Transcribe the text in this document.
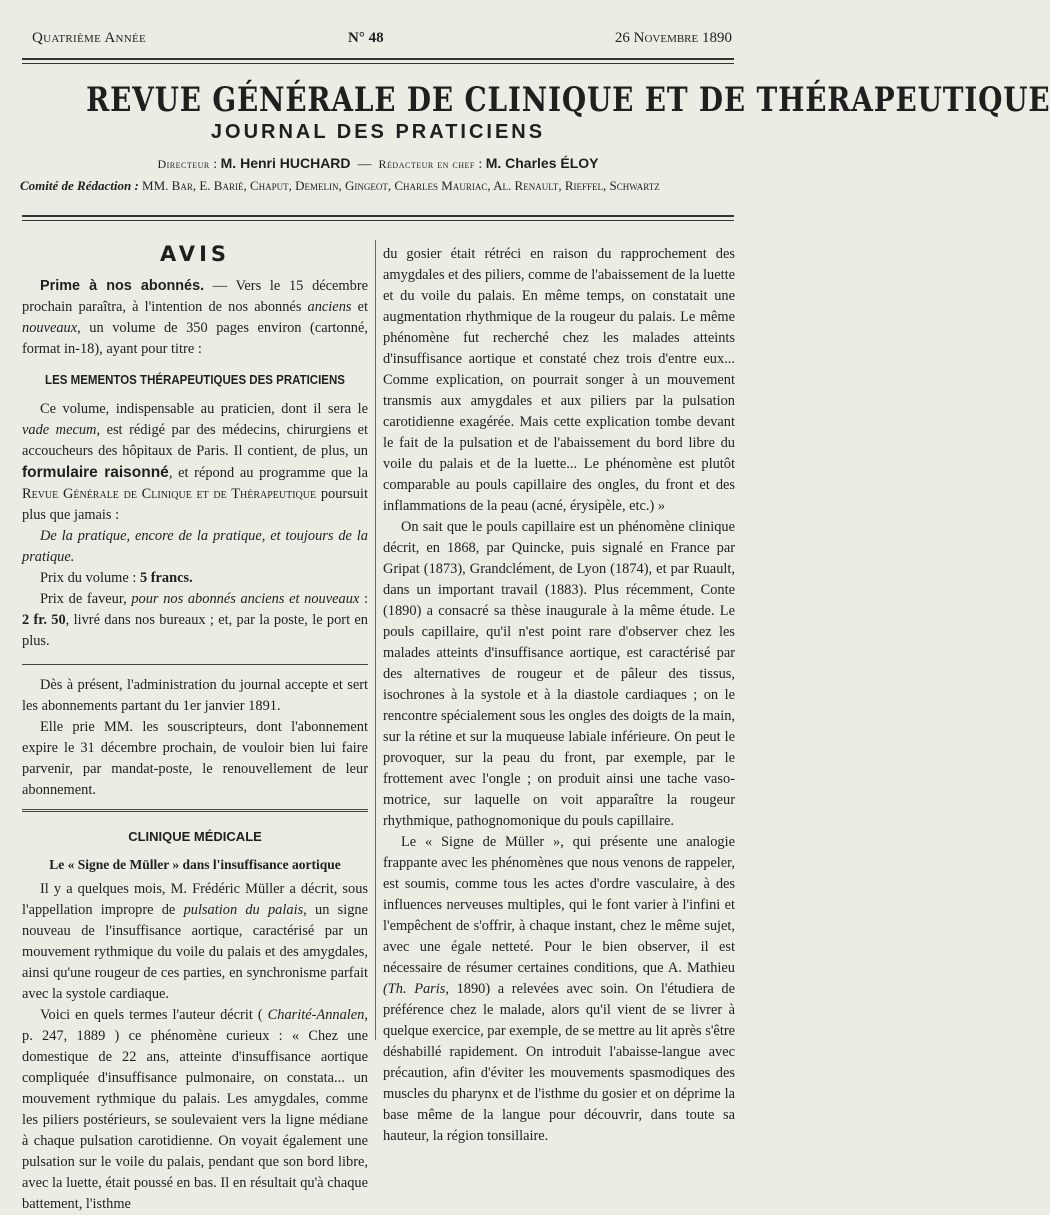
Quatrième Année	N° 48	26 Novembre 1890
REVUE GÉNÉRALE DE CLINIQUE ET DE THÉRAPEUTIQUE
JOURNAL DES PRATICIENS
Directeur : M. Henri HUCHARD  —  Rédacteur en chef : M. Charles ÉLOY
Comité de Rédaction : MM. Bar, E. Barié, Chaput, Demelin, Gingeot, Charles Mauriac, Al. Renault, Rieffel, Schwartz
AVIS

Prime à nos abonnés. — Vers le 15 décembre prochain paraîtra, à l'intention de nos abonnés anciens et nouveaux, un volume de 350 pages environ (cartonné, format in-18), ayant pour titre :

LES MEMENTOS THÉRAPEUTIQUES DES PRATICIENS

Ce volume, indispensable au praticien, dont il sera le vade mecum, est rédigé par des médecins, chirurgiens et accoucheurs des hôpitaux de Paris. Il contient, de plus, un formulaire raisonné, et répond au programme que la Revue Générale de Clinique et de Thérapeutique poursuit plus que jamais :

De la pratique, encore de la pratique, et toujours de la pratique.

Prix du volume : 5 francs.

Prix de faveur, pour nos abonnés anciens et nouveaux : 2 fr. 50, livré dans nos bureaux ; et, par la poste, le port en plus.

Dès à présent, l'administration du journal accepte et sert les abonnements partant du 1er janvier 1891.

Elle prie MM. les souscripteurs, dont l'abonnement expire le 31 décembre prochain, de vouloir bien lui faire parvenir, par mandat-poste, le renouvellement de leur abonnement.

CLINIQUE MÉDICALE
Le « Signe de Müller » dans l'insuffisance aortique

Il y a quelques mois, M. Frédéric Müller a décrit, sous l'appellation impropre de pulsation du palais, un signe nouveau de l'insuffisance aortique, caractérisé par un mouvement rythmique du voile du palais et des amygdales, ainsi qu'une rougeur de ces parties, en synchronisme parfait avec la systole cardiaque.

Voici en quels termes l'auteur décrit ( Charité-Annalen, p. 247, 1889 ) ce phénomène curieux : « Chez une domestique de 22 ans, atteinte d'insuffisance aortique compliquée d'insuffisance pulmonaire, on constata... un mouvement rythmique du palais. Les amygdales, comme les piliers postérieurs, se soulevaient vers la ligne médiane à chaque pulsation carotidienne. On voyait également une pulsation sur le voile du palais, pendant que son bord libre, avec la luette, était poussé en bas. Il en résultait qu'à chaque battement, l'isthme

du gosier était rétréci en raison du rapprochement des amygdales et des piliers, comme de l'abaissement de la luette et du voile du palais. En même temps, on constatait une augmentation rhythmique de la rougeur du palais. Le même phénomène fut recherché chez les malades atteints d'insuffisance aortique et constaté chez trois d'entre eux... Comme explication, on pourrait songer à un mouvement transmis aux amygdales et aux piliers par la pulsation carotidienne exagérée. Mais cette explication tombe devant le fait de la pulsation et de l'abaissement du bord libre du voile du palais et de la luette... Le phénomène est plutôt comparable au pouls capillaire des ongles, du front et des inflammations de la peau (acné, érysipèle, etc.) »

On sait que le pouls capillaire est un phénomène clinique décrit, en 1868, par Quincke, puis signalé en France par Gripat (1873), Grandclément, de Lyon (1874), et par Ruault, dans un important travail (1883). Plus récemment, Conte (1890) a consacré sa thèse inaugurale à la même étude. Le pouls capillaire, qu'il n'est point rare d'observer chez les malades atteints d'insuffisance aortique, est caractérisé par des alternatives de rougeur et de pâleur des tissus, isochrones à la systole et à la diastole cardiaques ; on le rencontre spécialement sous les ongles des doigts de la main, sur la rétine et sur la muqueuse labiale inférieure. On peut le provoquer, sur la peau du front, par exemple, par le frottement avec l'ongle ; on produit ainsi une tache vaso-motrice, sur laquelle on voit apparaître la rougeur rhythmique, pathognomonique du pouls capillaire.

Le « Signe de Müller », qui présente une analogie frappante avec les phénomènes que nous venons de rappeler, est soumis, comme tous les actes d'ordre vasculaire, à des influences nerveuses multiples, qui le font varier à l'infini et l'empêchent de s'offrir, à chaque instant, chez le même sujet, avec une égale netteté. Pour le bien observer, il est nécessaire de résumer certaines conditions, que A. Mathieu (Th. Paris, 1890) a relevées avec soin. On l'étudiera de préférence chez le malade, alors qu'il vient de se livrer à quelque exercice, par exemple, de se mettre au lit après s'être déshabillé rapidement. On introduit l'abaisse-langue avec précaution, afin d'éviter les mouvements spasmodiques des muscles du pharynx et de l'isthme du gosier et on déprime la base même de la langue pour découvrir, dans toute sa hauteur, la région tonsillaire.
